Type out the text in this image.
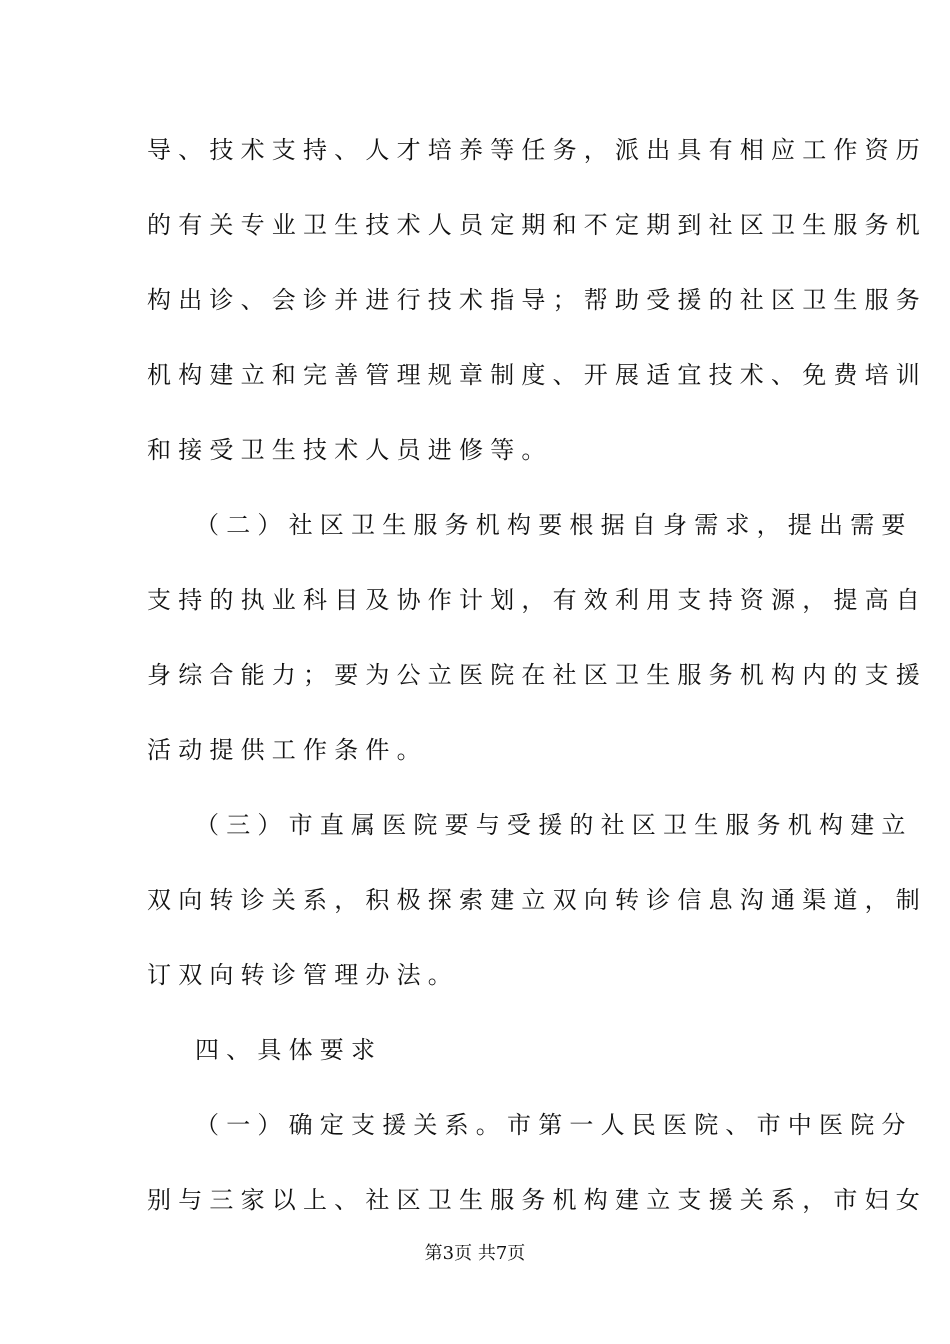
导、技术支持、人才培养等任务，派出具有相应工作资历
的有关专业卫生技术人员定期和不定期到社区卫生服务机
构出诊、会诊并进行技术指导；帮助受援的社区卫生服务
机构建立和完善管理规章制度、开展适宜技术、免费培训
和接受卫生技术人员进修等。
（二）社区卫生服务机构要根据自身需求，提出需要
支持的执业科目及协作计划，有效利用支持资源，提高自
身综合能力；要为公立医院在社区卫生服务机构内的支援
活动提供工作条件。
（三）市直属医院要与受援的社区卫生服务机构建立
双向转诊关系，积极探索建立双向转诊信息沟通渠道，制
订双向转诊管理办法。
四、具体要求
（一）确定支援关系。市第一人民医院、市中医院分
别与三家以上、社区卫生服务机构建立支援关系，市妇女
第3页 共7页
